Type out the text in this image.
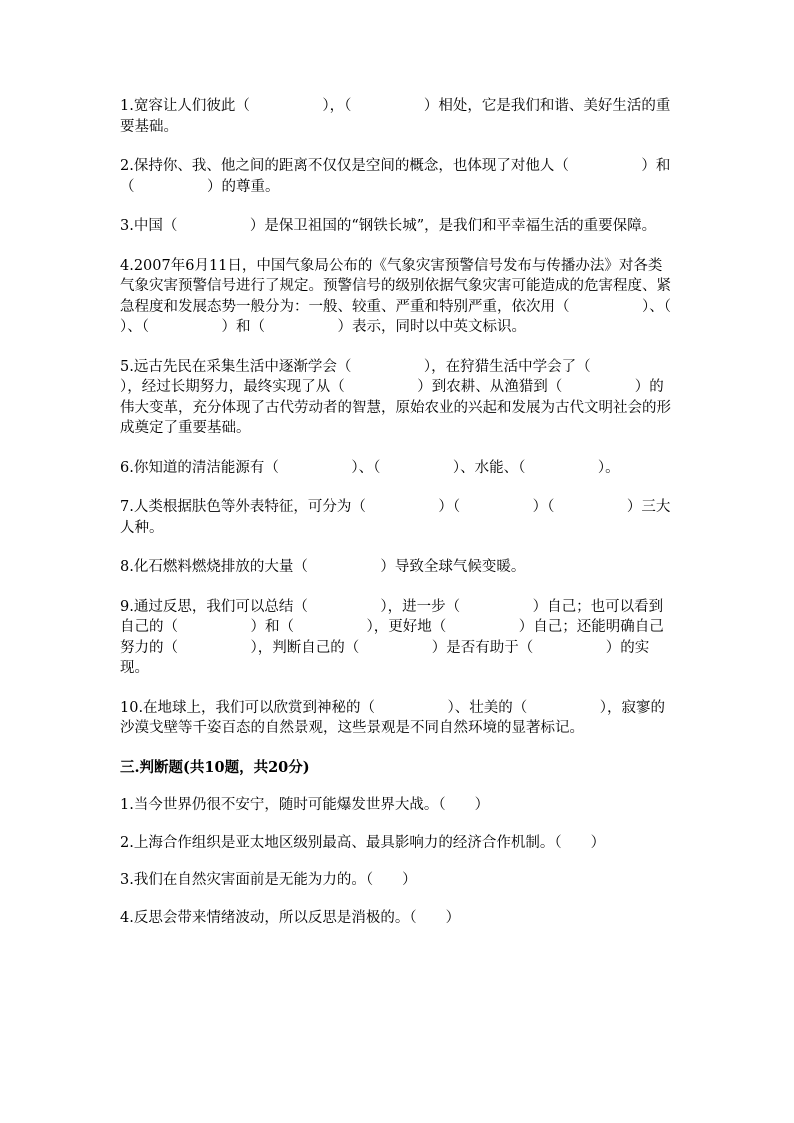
1.宽容让人们彼此（　　　　　），（　　　　　）相处，它是我们和谐、美好生活的重要基础。

2.保持你、我、他之间的距离不仅仅是空间的概念，也体现了对他人（　　　　　）和（　　　　　）的尊重。

3.中国（　　　　　）是保卫祖国的“钢铁长城”，是我们和平幸福生活的重要保障。

4.2007年6月11日，中国气象局公布的《气象灾害预警信号发布与传播办法》对各类气象灾害预警信号进行了规定。预警信号的级别依据气象灾害可能造成的危害程度、紧急程度和发展态势一般分为：一般、较重、严重和特别严重，依次用（　　　　　）、（　　　　　）、（　　　　　）和（　　　　　）表示，同时以中英文标识。

5.远古先民在采集生活中逐渐学会（　　　　　），在狩猎生活中学会了（　　　　　），经过长期努力，最终实现了从（　　　　　）到农耕、从渔猎到（　　　　　）的伟大变革，充分体现了古代劳动者的智慧，原始农业的兴起和发展为古代文明社会的形成奠定了重要基础。

6.你知道的清洁能源有（　　　　　）、（　　　　　）、水能、（　　　　　）。

7.人类根据肤色等外表特征，可分为（　　　　　）（　　　　　）（　　　　　）三大人种。

8.化石燃料燃烧排放的大量（　　　　　）导致全球气候变暖。

9.通过反思，我们可以总结（　　　　　），进一步（　　　　　）自己；也可以看到自己的（　　　　　）和（　　　　　），更好地（　　　　　）自己；还能明确自己努力的（　　　　　），判断自己的（　　　　　）是否有助于（　　　　　）的实现。

10.在地球上，我们可以欣赏到神秘的（　　　　　）、壮美的（　　　　　），寂寥的沙漠戈壁等千姿百态的自然景观，这些景观是不同自然环境的显著标记。

三.判断题(共10题，共20分)

1.当今世界仍很不安宁，随时可能爆发世界大战。（　　）

2.上海合作组织是亚太地区级别最高、最具影响力的经济合作机制。（　　）

3.我们在自然灾害面前是无能为力的。（　　）

4.反思会带来情绪波动，所以反思是消极的。（　　）
